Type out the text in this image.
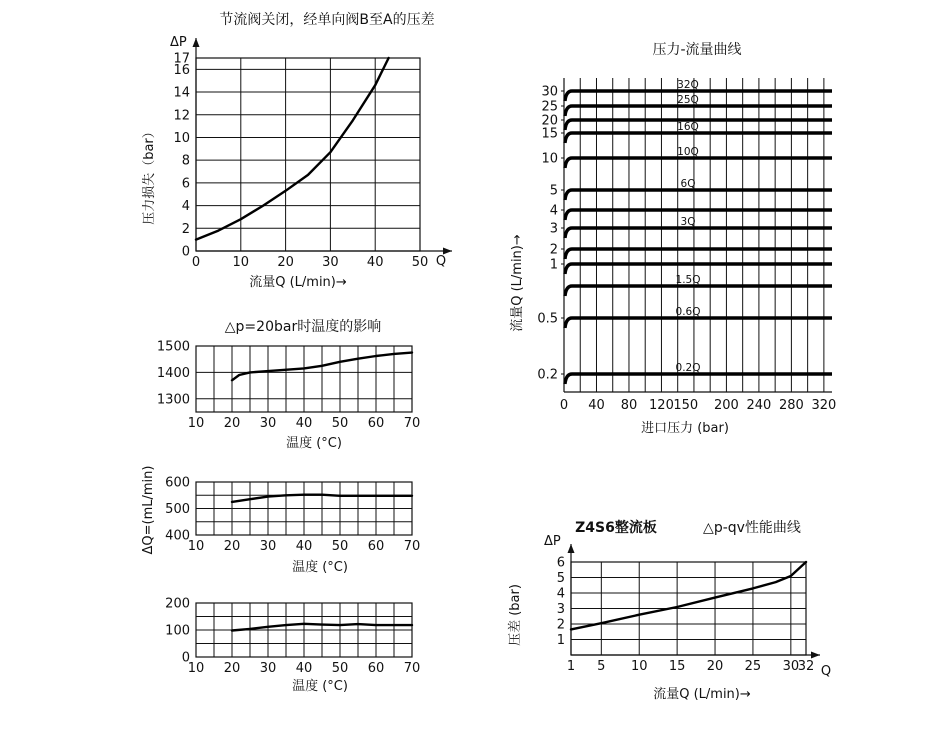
0 10 20 30 40 50
0
2
4
6
8
10
12
14
16
17
节流阀关闭，经单向阀B至A的压差
ΔP
Q
流量Q (L/min)→
压力损失（bar）
10 20 30 40 50 60 70
1300
1400
1500
△p=20bar时温度的影响
温度 (°C)
10 20 30 40 50 60 70
400
500
600
温度 (°C)
ΔQ=(mL/min)
10 20 30 40 50 60 70
0
100
200
温度 (°C)
0.2
0.5
1
2
3
4
5
10
15
20
25
30
0 40 80 120 150 200 240 280 320
32Q
25Q
16Q
10Q
6Q
3Q
1.5Q
0.6Q
0.2Q
压力-流量曲线
进口压力 (bar)
流量Q (L/min)→
1 5 10 15 20 25 30
32
1
2
3
4
5
6
Z4S6整流板	△p-qv性能曲线
ΔP
Q
流量Q (L/min)→
压差 (bar)
